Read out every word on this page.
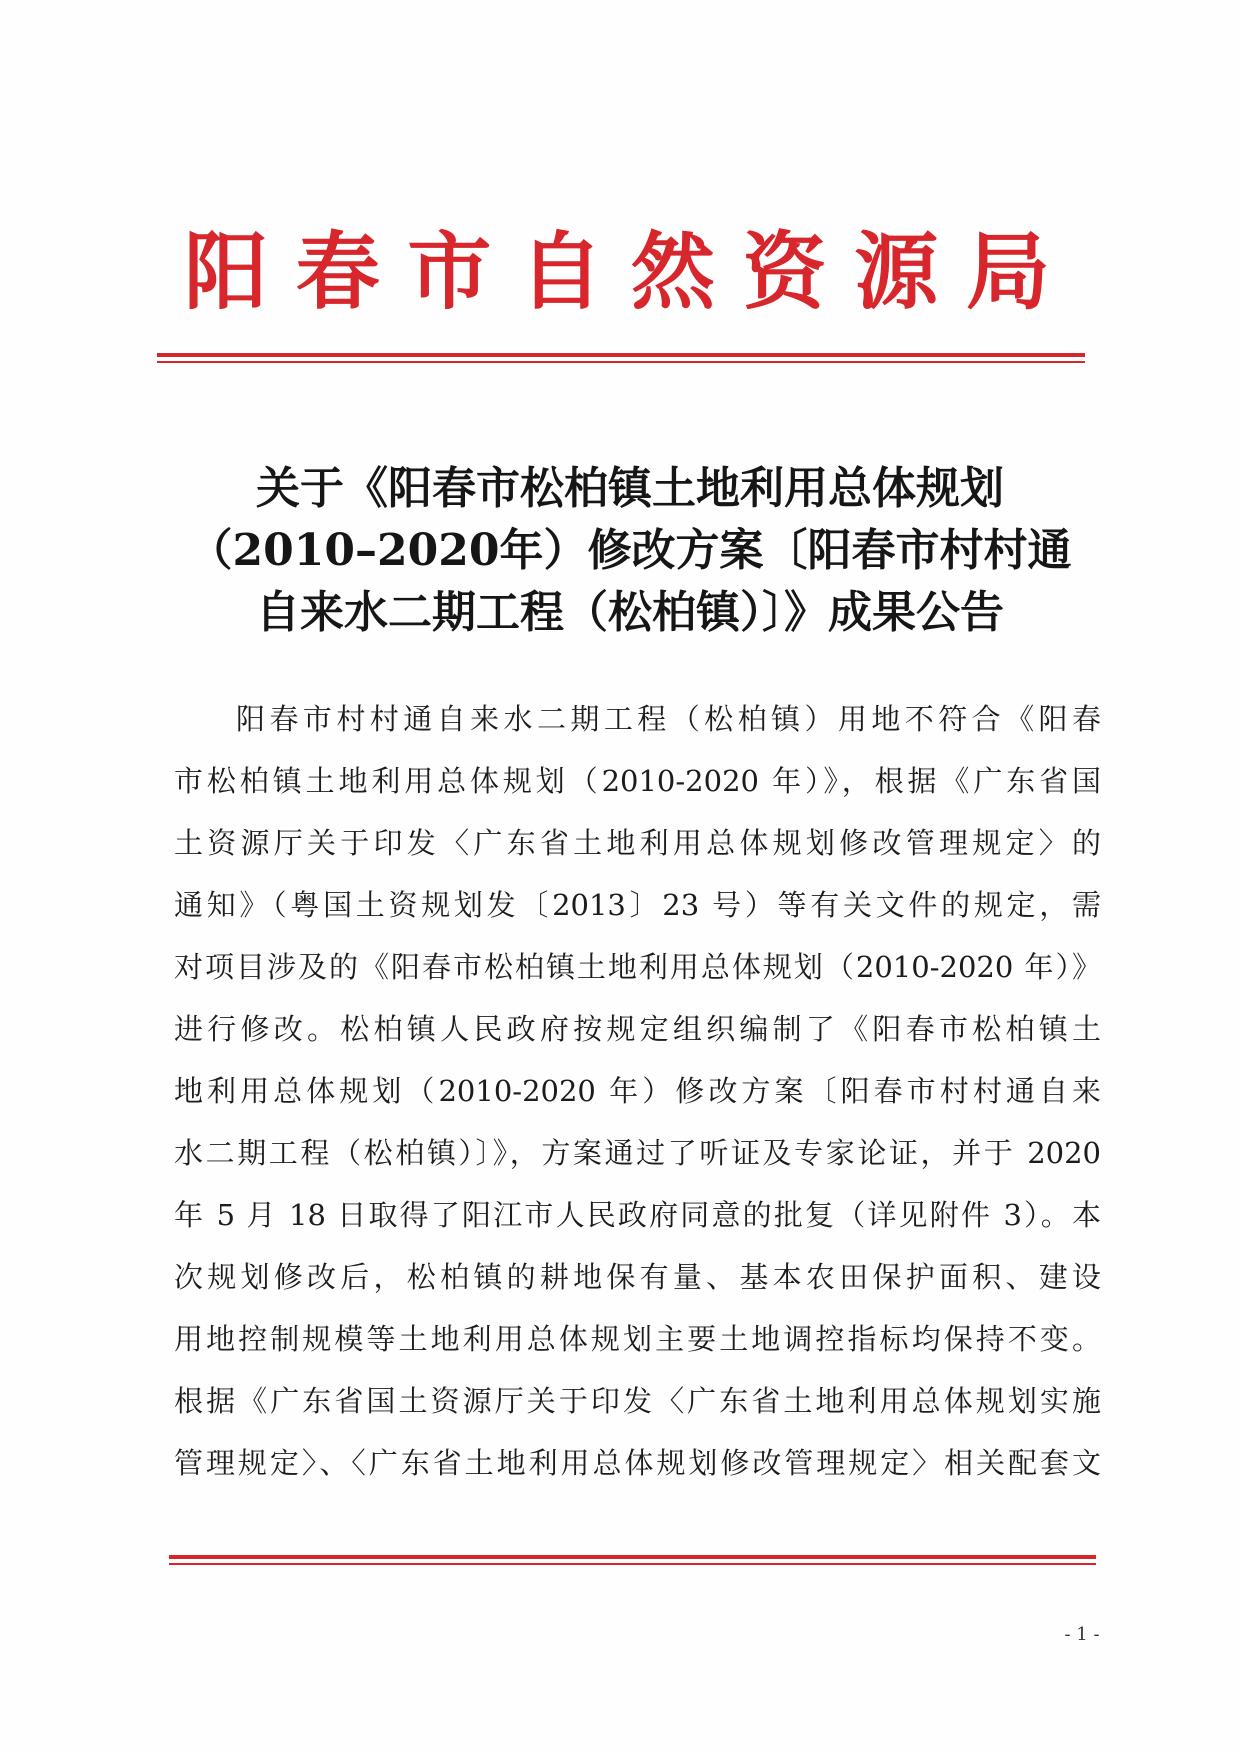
阳春市自然资源局
关于《阳春市松柏镇土地利用总体规划
（2010–2020年）修改方案〔阳春市村村通
自来水二期工程（松柏镇）〕》成果公告
阳春市村村通自来水二期工程（松柏镇）用地不符合《阳春
市松柏镇土地利用总体规划（2010-2020 年）》，根据《广东省国
土资源厅关于印发〈广东省土地利用总体规划修改管理规定〉的
通知》（粤国土资规划发〔2013〕23 号）等有关文件的规定，需
对项目涉及的《阳春市松柏镇土地利用总体规划（2010-2020 年）》
进行修改。松柏镇人民政府按规定组织编制了《阳春市松柏镇土
地利用总体规划（2010-2020 年）修改方案〔阳春市村村通自来
水二期工程（松柏镇）〕》，方案通过了听证及专家论证，并于 2020
年 5 月 18 日取得了阳江市人民政府同意的批复（详见附件 3）。本
次规划修改后，松柏镇的耕地保有量、基本农田保护面积、建设
用地控制规模等土地利用总体规划主要土地调控指标均保持不变。
根据《广东省国土资源厅关于印发〈广东省土地利用总体规划实施
管理规定〉、〈广东省土地利用总体规划修改管理规定〉相关配套文
- 1 -
